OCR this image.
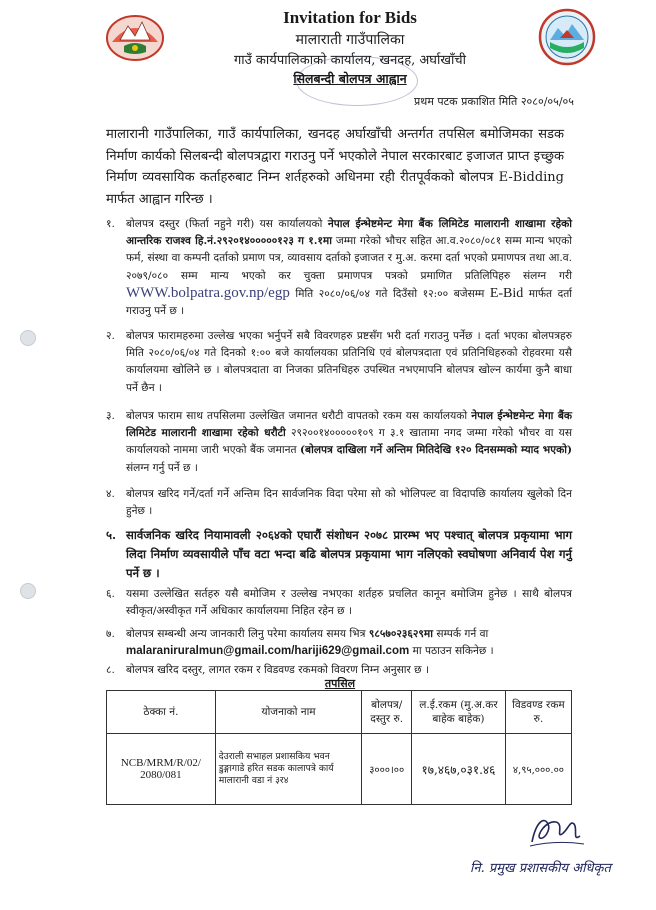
Invitation for Bids
मालाराती गाउँपालिका
गाउँ कार्यपालिकाको कार्यालय, खनदह, अर्घाखाँची
सिलबन्दी बोलपत्र आह्वान
प्रथम पटक प्रकाशित मिति २०८०/०५/०५
मालारानी गाउँपालिका, गाउँ कार्यपालिका, खनदह अर्घाखाँची अन्तर्गत तपसिल बमोजिमका सडक निर्माण कार्यको सिलबन्दी बोलपत्रद्वारा गराउनु पर्ने भएकोले नेपाल सरकारबाट इजाजत प्राप्त इच्छुक निर्माण व्यवसायिक कर्ताहरुबाट निम्न शर्तहरुको अधिनमा रही रीतपूर्वकको बोलपत्र E-Bidding मार्फत आह्वान गरिन्छ ।
१.	बोलपत्र दस्तुर (फिर्ता नहुने गरी) यस कार्यालयको नेपाल ईन्भेष्टमेन्ट मेगा बैंक लिमिटेड मालारानी शाखामा रहेको आन्तरिक राजश्व हि.नं.२९२०१४०००००१२३ ग १.१मा जम्मा गरेको भौचर सहित आ.व.२०८०/०८१ सम्म मान्य भएको फर्म, संस्था वा कम्पनी दर्ताको प्रमाण पत्र, व्यावसाय दर्ताको इजाजत र मु.अ. करमा दर्ता भएको प्रमाणपत्र तथा आ.व. २०७९/०८० सम्म मान्य भएको कर चुक्ता प्रमाणपत्र पत्रको प्रमाणित प्रतिलिपिहरु संलग्न गरी WWW.bolpatra.gov.np/egp मिति २०८०/०६/०४ गते दिउँसो १२:०० बजेसम्म E-Bid मार्फत दर्ता गराउनु पर्ने छ ।
२.	बोलपत्र फारामहरुमा उल्लेख भएका भर्नुपर्ने सबै विवरणहरु प्रष्टसँग भरी दर्ता गराउनु पर्नेछ । दर्ता भएका बोलपत्रहरु मिति २०८०/०६/०४ गते दिनको १:०० बजे कार्यालयका प्रतिनिधि एवं बोलपत्रदाता एवं प्रतिनिधिहरुको रोहवरमा यसै कार्यालयमा खोलिने छ । बोलपत्रदाता वा निजका प्रतिनधिहरु उपस्थित नभएमापनि बोलपत्र खोल्न कार्यमा कुनै बाधा पर्ने छैन ।
३.	बोलपत्र फाराम साथ तपसिलमा उल्लेखित जमानत धरौटी वापतको रकम यस कार्यालयको नेपाल ईन्भेष्टमेन्ट मेगा बैंक लिमिटेड मालारानी शाखामा रहेको धरौटी २९२००१४०००००१०९ ग ३.१ खातामा नगद जम्मा गरेको भौचर वा यस कार्यालयको नाममा जारी भएको बैंक जमानत (बोलपत्र दाखिला गर्ने अन्तिम मितिदेखि १२० दिनसम्मको म्याद भएको) संलग्न गर्नु पर्ने छ ।
४.	बोलपत्र खरिद गर्ने/दर्ता गर्ने अन्तिम दिन सार्वजनिक विदा परेमा सो को भोलिपल्ट वा विदापछि कार्यालय खुलेको दिन हुनेछ ।
५. सार्वजनिक खरिद नियामावली २०६४को एघारौं संशोधन २०७८ प्रारम्भ भए पश्चात् बोलपत्र प्रकृयामा भाग लिदा निर्माण व्यवसायीले पाँच वटा भन्दा बढि बोलपत्र प्रकृयामा भाग नलिएको स्वघोषणा अनिवार्य पेश गर्नु पर्ने छ ।
६.	यसमा उल्लेखित सर्तहरु यसै बमोजिम र उल्लेख नभएका शर्तहरु प्रचलित कानून बमोजिम हुनेछ । साथै बोलपत्र स्वीकृत/अस्वीकृत गर्ने अधिकार कार्यालयमा निहित रहेन छ ।
७.	बोलपत्र सम्बन्धी अन्य जानकारी लिनु परेमा कार्यालय समय भित्र ९८५७०२३६२९मा सम्पर्क गर्न वा
malaraniruralmun@gmail.com/hariji629@gmail.com मा पठाउन सकिनेछ ।
८.	बोलपत्र खरिद दस्तुर, लागत रकम र विडवण्ड रकमको विवरण निम्न अनुसार छ ।
तपसिल
ठेक्का नं.	योजनाको नाम	बोलपत्र/ दस्तुर रु.	ल.ई.रकम (मु.अ.कर बाहेक बाहेक)	विडवण्ड रकम रु.
NCB/MRM/R/02/ 2080/081	देउराली सभाहल प्रशासकिय भवन डुङ्गागाडे हरित सडक कालापत्रे कार्य मालारानी वडा नं ३र४	३०००।००	१७,४६७,०३१.४६	४,९५,०००.००
नि. प्रमुख प्रशासकीय अधिकृत
